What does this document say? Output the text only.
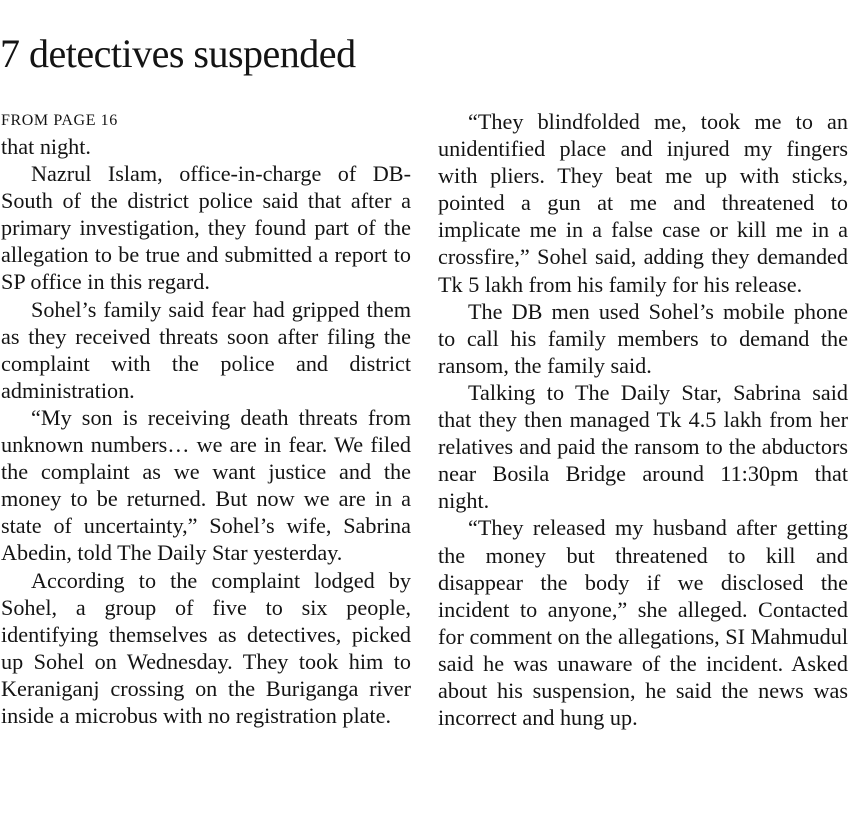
7 detectives suspended

FROM PAGE 16

that night.

Nazrul Islam, office-in-charge of DB-South of the district police said that after a primary investigation, they found part of the allegation to be true and submitted a report to SP office in this regard.

Sohel’s family said fear had gripped them as they received threats soon after filing the complaint with the police and district administration.

“My son is receiving death threats from unknown numbers… we are in fear. We filed the complaint as we want justice and the money to be returned. But now we are in a state of uncertainty,” Sohel’s wife, Sabrina Abedin, told The Daily Star yesterday.

According to the complaint lodged by Sohel, a group of five to six people, identifying themselves as detectives, picked up Sohel on Wednesday. They took him to Keraniganj crossing on the Buriganga river inside a microbus with no registration plate.

“They blindfolded me, took me to an unidentified place and injured my fingers with pliers. They beat me up with sticks, pointed a gun at me and threatened to implicate me in a false case or kill me in a crossfire,” Sohel said, adding they demanded Tk 5 lakh from his family for his release.

The DB men used Sohel’s mobile phone to call his family members to demand the ransom, the family said.

Talking to The Daily Star, Sabrina said that they then managed Tk 4.5 lakh from her relatives and paid the ransom to the abductors near Bosila Bridge around 11:30pm that night.

“They released my husband after getting the money but threatened to kill and disappear the body if we disclosed the incident to anyone,” she alleged. Contacted for comment on the allegations, SI Mahmudul said he was unaware of the incident. Asked about his suspension, he said the news was incorrect and hung up.
